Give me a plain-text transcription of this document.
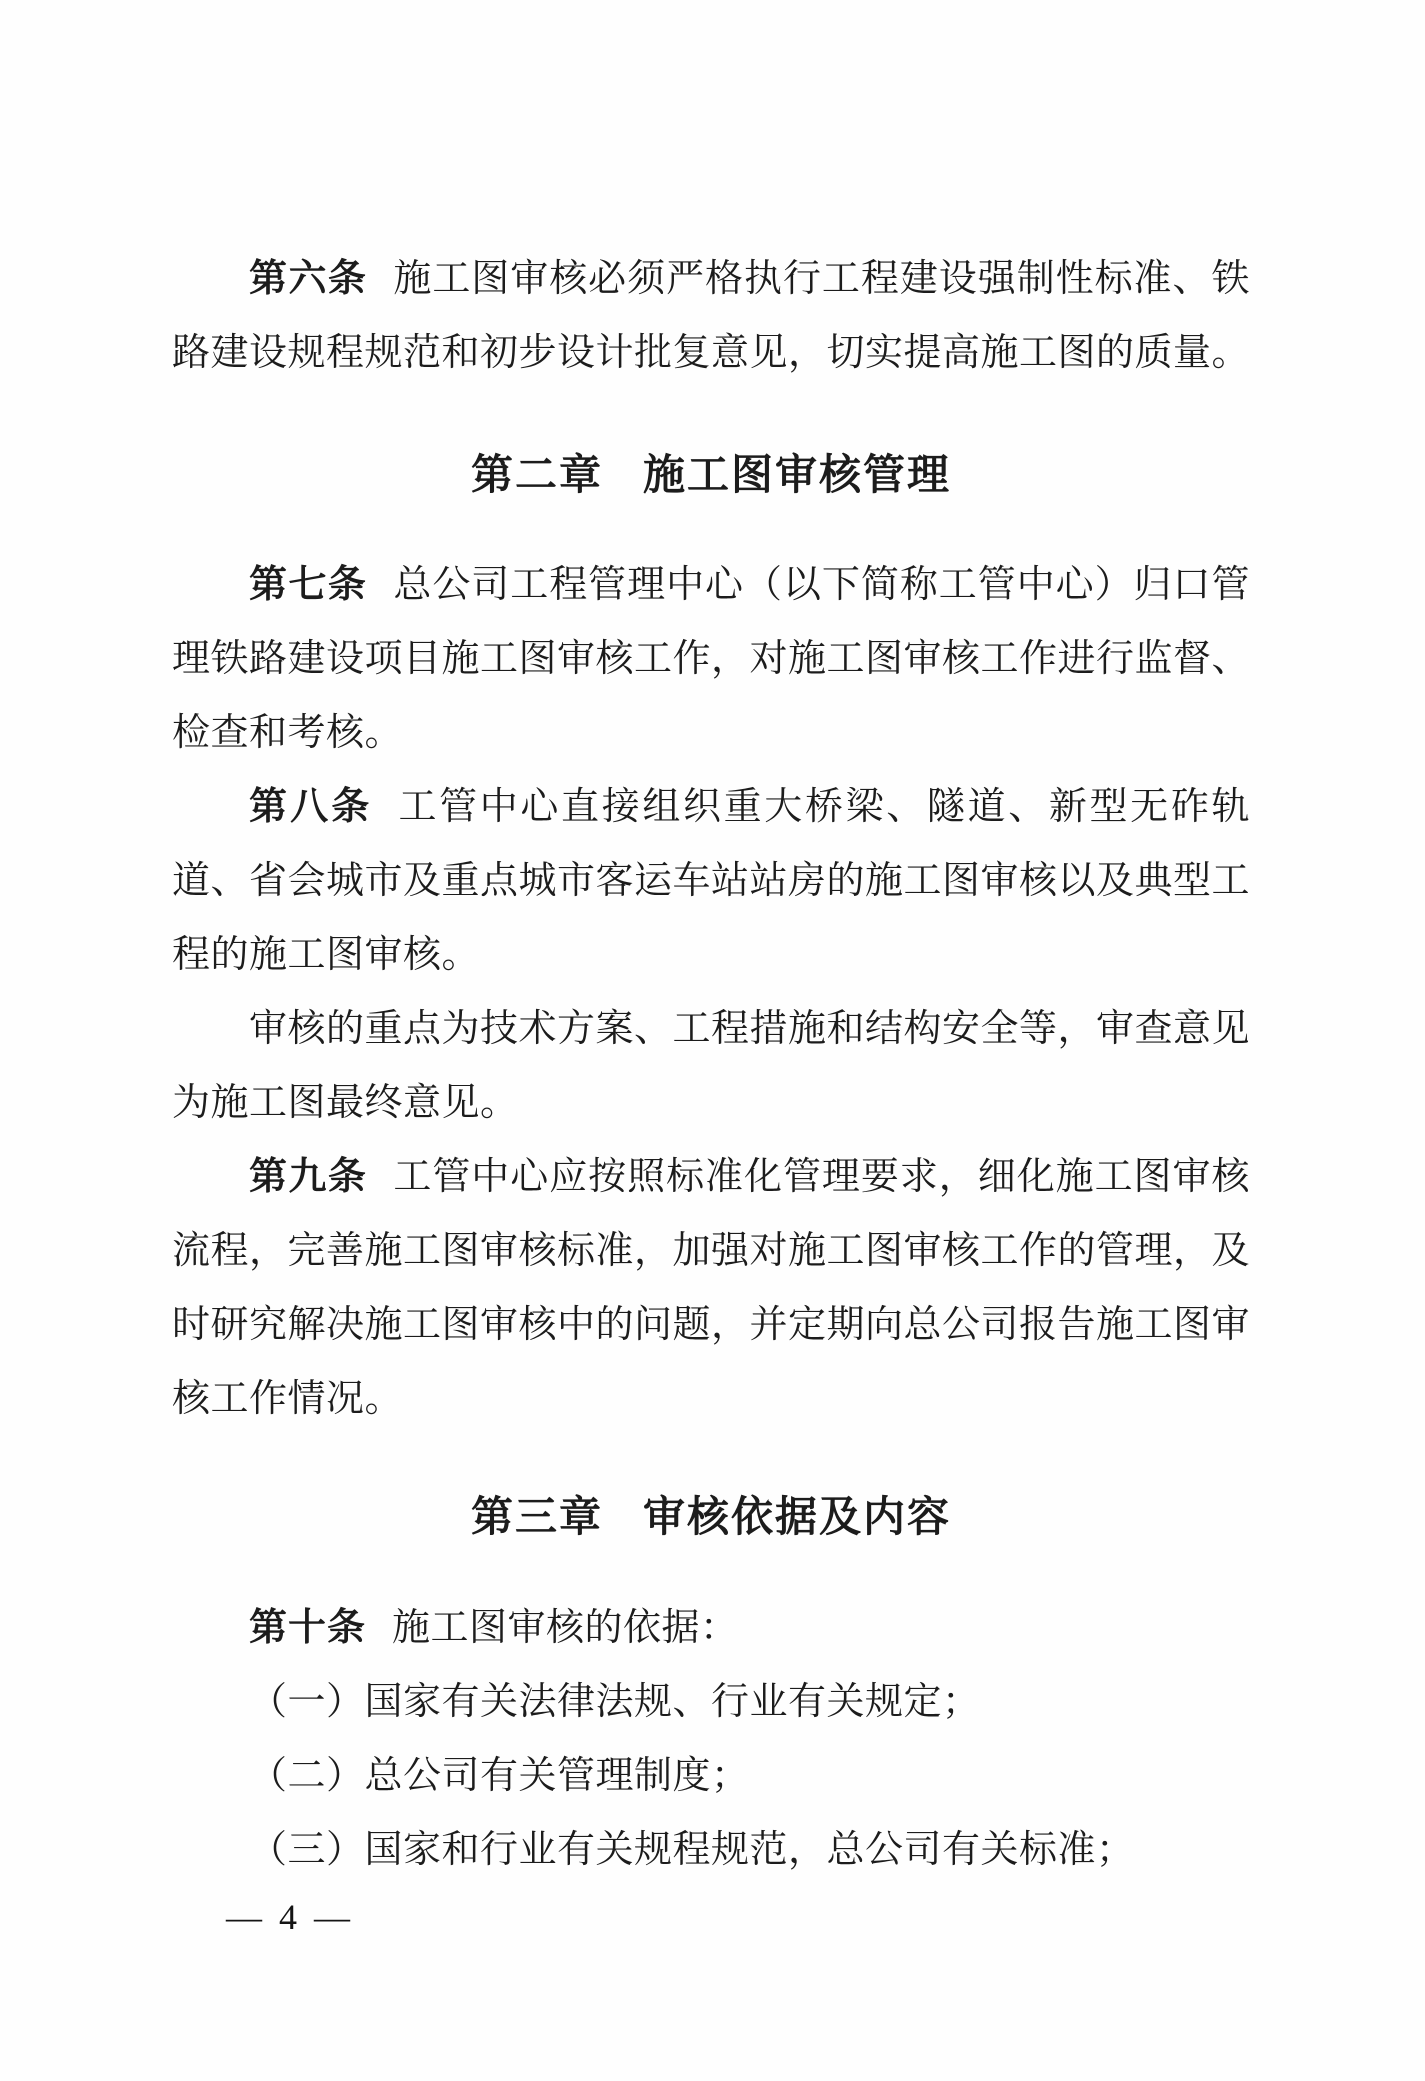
第六条 施工图审核必须严格执行工程建设强制性标准、铁路建设规程规范和初步设计批复意见，切实提高施工图的质量。

第二章 施工图审核管理

第七条 总公司工程管理中心（以下简称工管中心）归口管理铁路建设项目施工图审核工作，对施工图审核工作进行监督、检查和考核。

第八条 工管中心直接组织重大桥梁、隧道、新型无砟轨道、省会城市及重点城市客运车站站房的施工图审核以及典型工程的施工图审核。

审核的重点为技术方案、工程措施和结构安全等，审查意见为施工图最终意见。

第九条 工管中心应按照标准化管理要求，细化施工图审核流程，完善施工图审核标准，加强对施工图审核工作的管理，及时研究解决施工图审核中的问题，并定期向总公司报告施工图审核工作情况。

第三章 审核依据及内容

第十条 施工图审核的依据：

（一）国家有关法律法规、行业有关规定；

（二）总公司有关管理制度；

（三）国家和行业有关规程规范，总公司有关标准；

— 4 —
